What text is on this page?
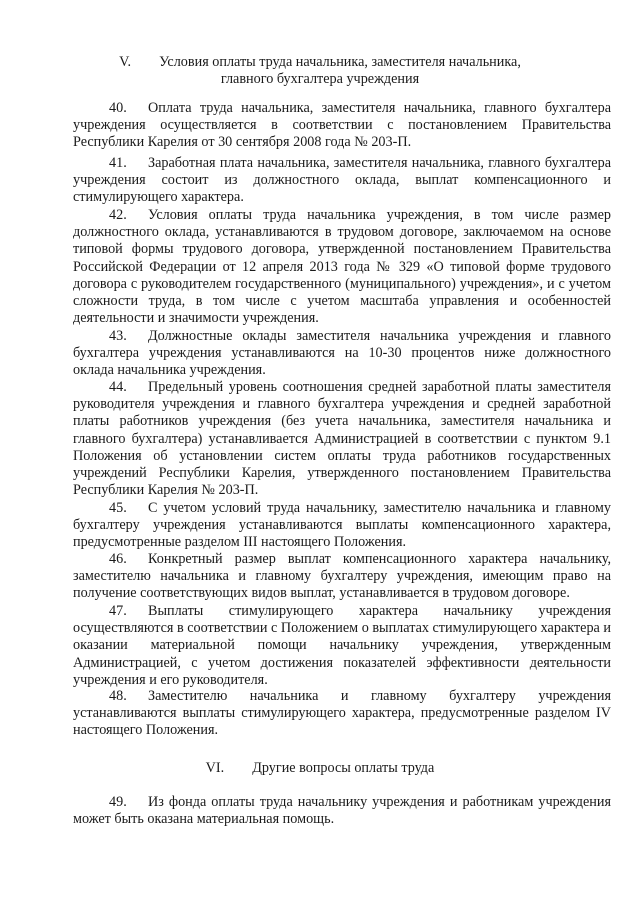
V. Условия оплаты труда начальника, заместителя начальника,
главного бухгалтера учреждения

40. Оплата труда начальника, заместителя начальника, главного бухгалтера учреждения осуществляется в соответствии с постановлением Правительства Республики Карелия от 30 сентября 2008 года № 203-П.

41. Заработная плата начальника, заместителя начальника, главного бухгалтера учреждения состоит из должностного оклада, выплат компенсационного и стимулирующего характера.

42. Условия оплаты труда начальника учреждения, в том числе размер должностного оклада, устанавливаются в трудовом договоре, заключаемом на основе типовой формы трудового договора, утвержденной постановлением Правительства Российской Федерации от 12 апреля 2013 года № 329 «О типовой форме трудового договора с руководителем государственного (муниципального) учреждения», и с учетом сложности труда, в том числе с учетом масштаба управления и особенностей деятельности и значимости учреждения.

43. Должностные оклады заместителя начальника учреждения и главного бухгалтера учреждения устанавливаются на 10-30 процентов ниже должностного оклада начальника учреждения.

44. Предельный уровень соотношения средней заработной платы заместителя руководителя учреждения и главного бухгалтера учреждения и средней заработной платы работников учреждения (без учета начальника, заместителя начальника и главного бухгалтера) устанавливается Администрацией в соответствии с пунктом 9.1 Положения об установлении систем оплаты труда работников государственных учреждений Республики Карелия, утвержденного постановлением Правительства Республики Карелия № 203-П.

45. С учетом условий труда начальнику, заместителю начальника и главному бухгалтеру учреждения устанавливаются выплаты компенсационного характера, предусмотренные разделом III настоящего Положения.

46. Конкретный размер выплат компенсационного характера начальнику, заместителю начальника и главному бухгалтеру учреждения, имеющим право на получение соответствующих видов выплат, устанавливается в трудовом договоре.

47. Выплаты стимулирующего характера начальнику учреждения осуществляются в соответствии с Положением о выплатах стимулирующего характера и оказании материальной помощи начальнику учреждения, утвержденным Администрацией, с учетом достижения показателей эффективности деятельности учреждения и его руководителя.

48. Заместителю начальника и главному бухгалтеру учреждения устанавливаются выплаты стимулирующего характера, предусмотренные разделом IV настоящего Положения.

VI. Другие вопросы оплаты труда

49. Из фонда оплаты труда начальнику учреждения и работникам учреждения может быть оказана материальная помощь.
